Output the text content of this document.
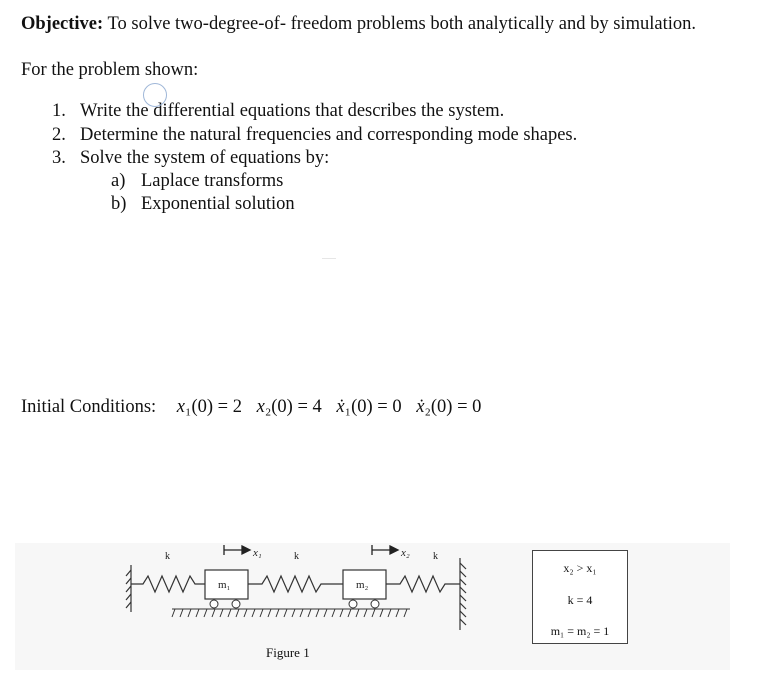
Objective: To solve two-degree-of- freedom problems both analytically and by simulation.
For the problem shown:
1. Write the differential equations that describes the system.
2. Determine the natural frequencies and corresponding mode shapes.
3. Solve the system of equations by:
a) Laplace transforms
b) Exponential solution
Initial Conditions: x₁(0) = 2 x₂(0) = 4 ẋ₁(0) = 0 ẋ₂(0) = 0
k	k	k
x₁	x₂
m₁	m₂
x₂ > x₁
k = 4
m₁ = m₂ = 1
Figure 1
